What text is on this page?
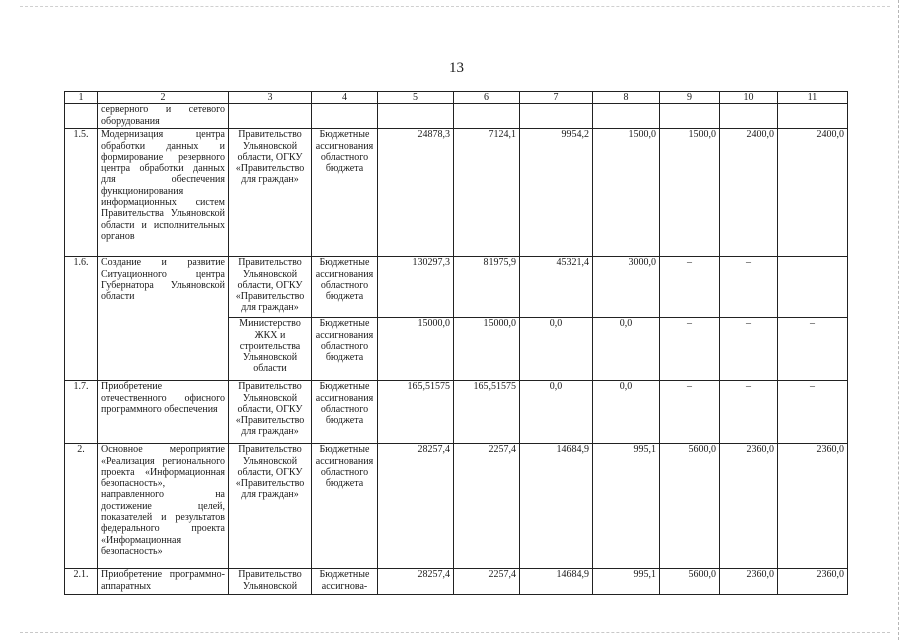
13
1	2	3	4	5	6	7	8	9	10	11
	серверного и сетевого оборудования									
1.5.	Модернизация центра обработки данных и формирование резервного центра обработки данных для обеспечения функционирования информационных систем Правительства Ульяновской области и исполнительных органов	Правительство Ульяновской области, ОГКУ «Правительство для граждан»	Бюджетные ассигнования областного бюджета	24878,3	7124,1	9954,2	1500,0	1500,0	2400,0	2400,0
1.6.	Создание и развитие Ситуационного центра Губернатора Ульяновской области	Правительство Ульяновской области, ОГКУ «Правительство для граждан»	Бюджетные ассигнования областного бюджета	130297,3	81975,9	45321,4	3000,0	–	–	
		Министерство ЖКХ и строительства Ульяновской области	Бюджетные ассигнования областного бюджета	15000,0	15000,0	0,0	0,0	–	–	–
1.7.	Приобретение отечественного офисного программного обеспечения	Правительство Ульяновской области, ОГКУ «Правительство для граждан»	Бюджетные ассигнования областного бюджета	165,51575	165,51575	0,0	0,0	–	–	–
2.	Основное мероприятие «Реализация регионального проекта «Информационная безопасность», направленного на достижение целей, показателей и результатов федерального проекта «Информационная безопасность»	Правительство Ульяновской области, ОГКУ «Правительство для граждан»	Бюджетные ассигнования областного бюджета	28257,4	2257,4	14684,9	995,1	5600,0	2360,0	2360,0
2.1.	Приобретение программно-аппаратных	Правительство Ульяновской	Бюджетные ассигнова-	28257,4	2257,4	14684,9	995,1	5600,0	2360,0	2360,0
